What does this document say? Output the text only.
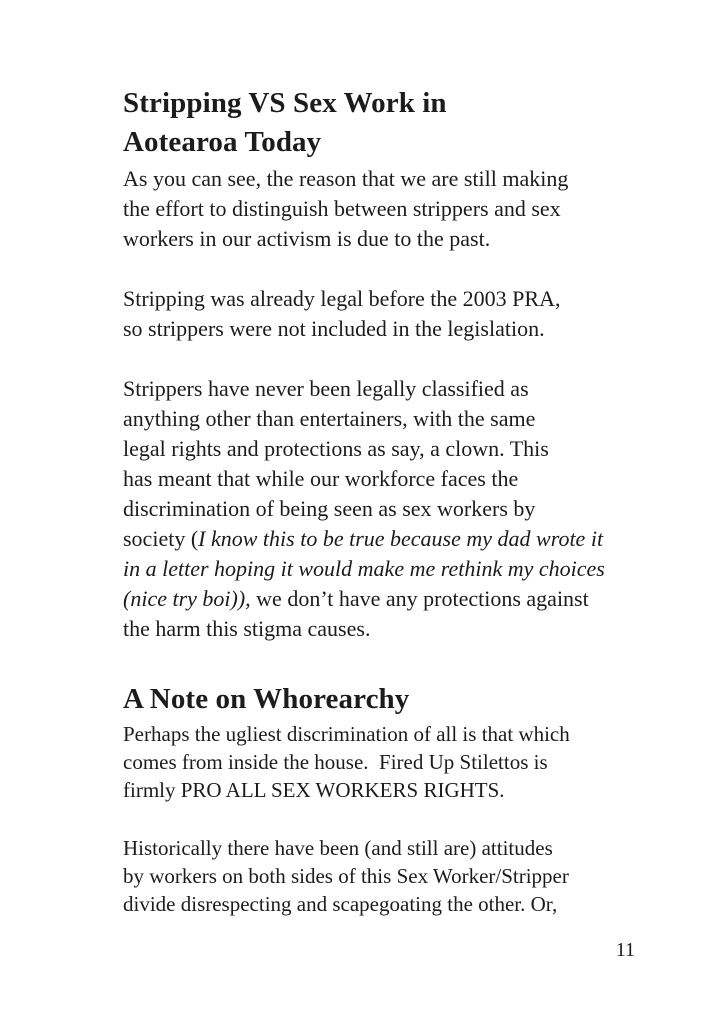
Stripping VS Sex Work in
Aotearoa Today

As you can see, the reason that we are still making
the effort to distinguish between strippers and sex
workers in our activism is due to the past.

Stripping was already legal before the 2003 PRA,
so strippers were not included in the legislation.

Strippers have never been legally classified as
anything other than entertainers, with the same
legal rights and protections as say, a clown. This
has meant that while our workforce faces the
discrimination of being seen as sex workers by
society (I know this to be true because my dad wrote it
in a letter hoping it would make me rethink my choices
(nice try boi)), we don’t have any protections against
the harm this stigma causes.

A Note on Whorearchy

Perhaps the ugliest discrimination of all is that which
comes from inside the house.  Fired Up Stilettos is
firmly PRO ALL SEX WORKERS RIGHTS.

Historically there have been (and still are) attitudes
by workers on both sides of this Sex Worker/Stripper
divide disrespecting and scapegoating the other. Or,

11
